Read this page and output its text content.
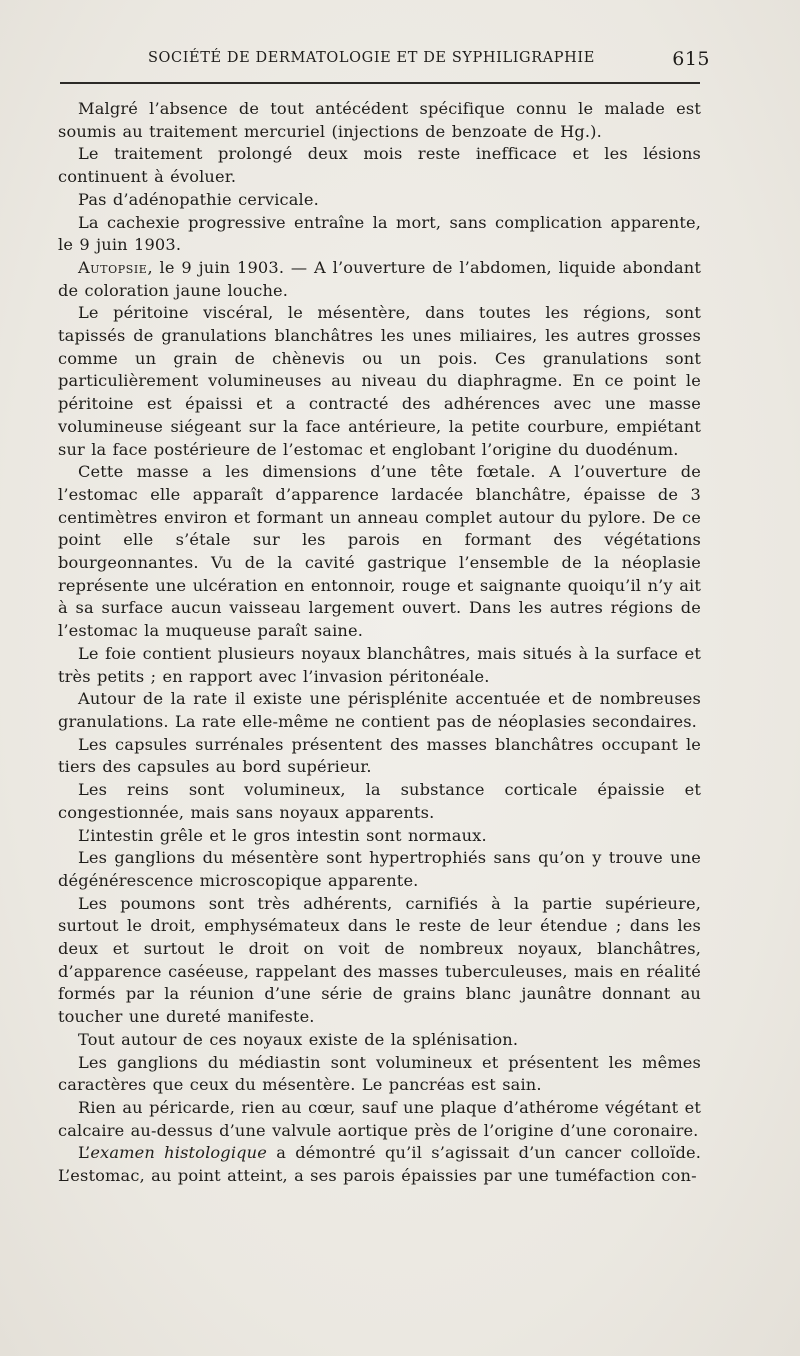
SOCIÉTÉ DE DERMATOLOGIE ET DE SYPHILIGRAPHIE	615

Malgré l’absence de tout antécédent spécifique connu le malade est soumis au traitement mercuriel (injections de benzoate de Hg.).

Le traitement prolongé deux mois reste inefficace et les lésions continuent à évoluer.

Pas d’adénopathie cervicale.

La cachexie progressive entraîne la mort, sans complication apparente, le 9 juin 1903.

Autopsie, le 9 juin 1903. — A l’ouverture de l’abdomen, liquide abondant de coloration jaune louche.

Le péritoine viscéral, le mésentère, dans toutes les régions, sont tapissés de granulations blanchâtres les unes miliaires, les autres grosses comme un grain de chènevis ou un pois. Ces granulations sont particulièrement volumineuses au niveau du diaphragme. En ce point le péritoine est épaissi et a contracté des adhérences avec une masse volumineuse siégeant sur la face antérieure, la petite courbure, empiétant sur la face postérieure de l’estomac et englobant l’origine du duodénum.

Cette masse a les dimensions d’une tête fœtale. A l’ouverture de l’estomac elle apparaît d’apparence lardacée blanchâtre, épaisse de 3 centimètres environ et formant un anneau complet autour du pylore. De ce point elle s’étale sur les parois en formant des végétations bourgeonnantes. Vu de la cavité gastrique l’ensemble de la néoplasie représente une ulcération en entonnoir, rouge et saignante quoiqu’il n’y ait à sa surface aucun vaisseau largement ouvert. Dans les autres régions de l’estomac la muqueuse paraît saine.

Le foie contient plusieurs noyaux blanchâtres, mais situés à la surface et très petits ; en rapport avec l’invasion péritonéale.

Autour de la rate il existe une périsplénite accentuée et de nombreuses granulations. La rate elle-même ne contient pas de néoplasies secondaires.

Les capsules surrénales présentent des masses blanchâtres occupant le tiers des capsules au bord supérieur.

Les reins sont volumineux, la substance corticale épaissie et congestionnée, mais sans noyaux apparents.

L’intestin grêle et le gros intestin sont normaux.

Les ganglions du mésentère sont hypertrophiés sans qu’on y trouve une dégénérescence microscopique apparente.

Les poumons sont très adhérents, carnifiés à la partie supérieure, surtout le droit, emphysémateux dans le reste de leur étendue ; dans les deux et surtout le droit on voit de nombreux noyaux, blanchâtres, d’apparence caséeuse, rappelant des masses tuberculeuses, mais en réalité formés par la réunion d’une série de grains blanc jaunâtre donnant au toucher une dureté manifeste.

Tout autour de ces noyaux existe de la splénisation.

Les ganglions du médiastin sont volumineux et présentent les mêmes caractères que ceux du mésentère. Le pancréas est sain.

Rien au péricarde, rien au cœur, sauf une plaque d’athérome végétant et calcaire au-dessus d’une valvule aortique près de l’origine d’une coronaire.

L’examen histologique a démontré qu’il s’agissait d’un cancer colloïde. L’estomac, au point atteint, a ses parois épaissies par une tuméfaction con-
